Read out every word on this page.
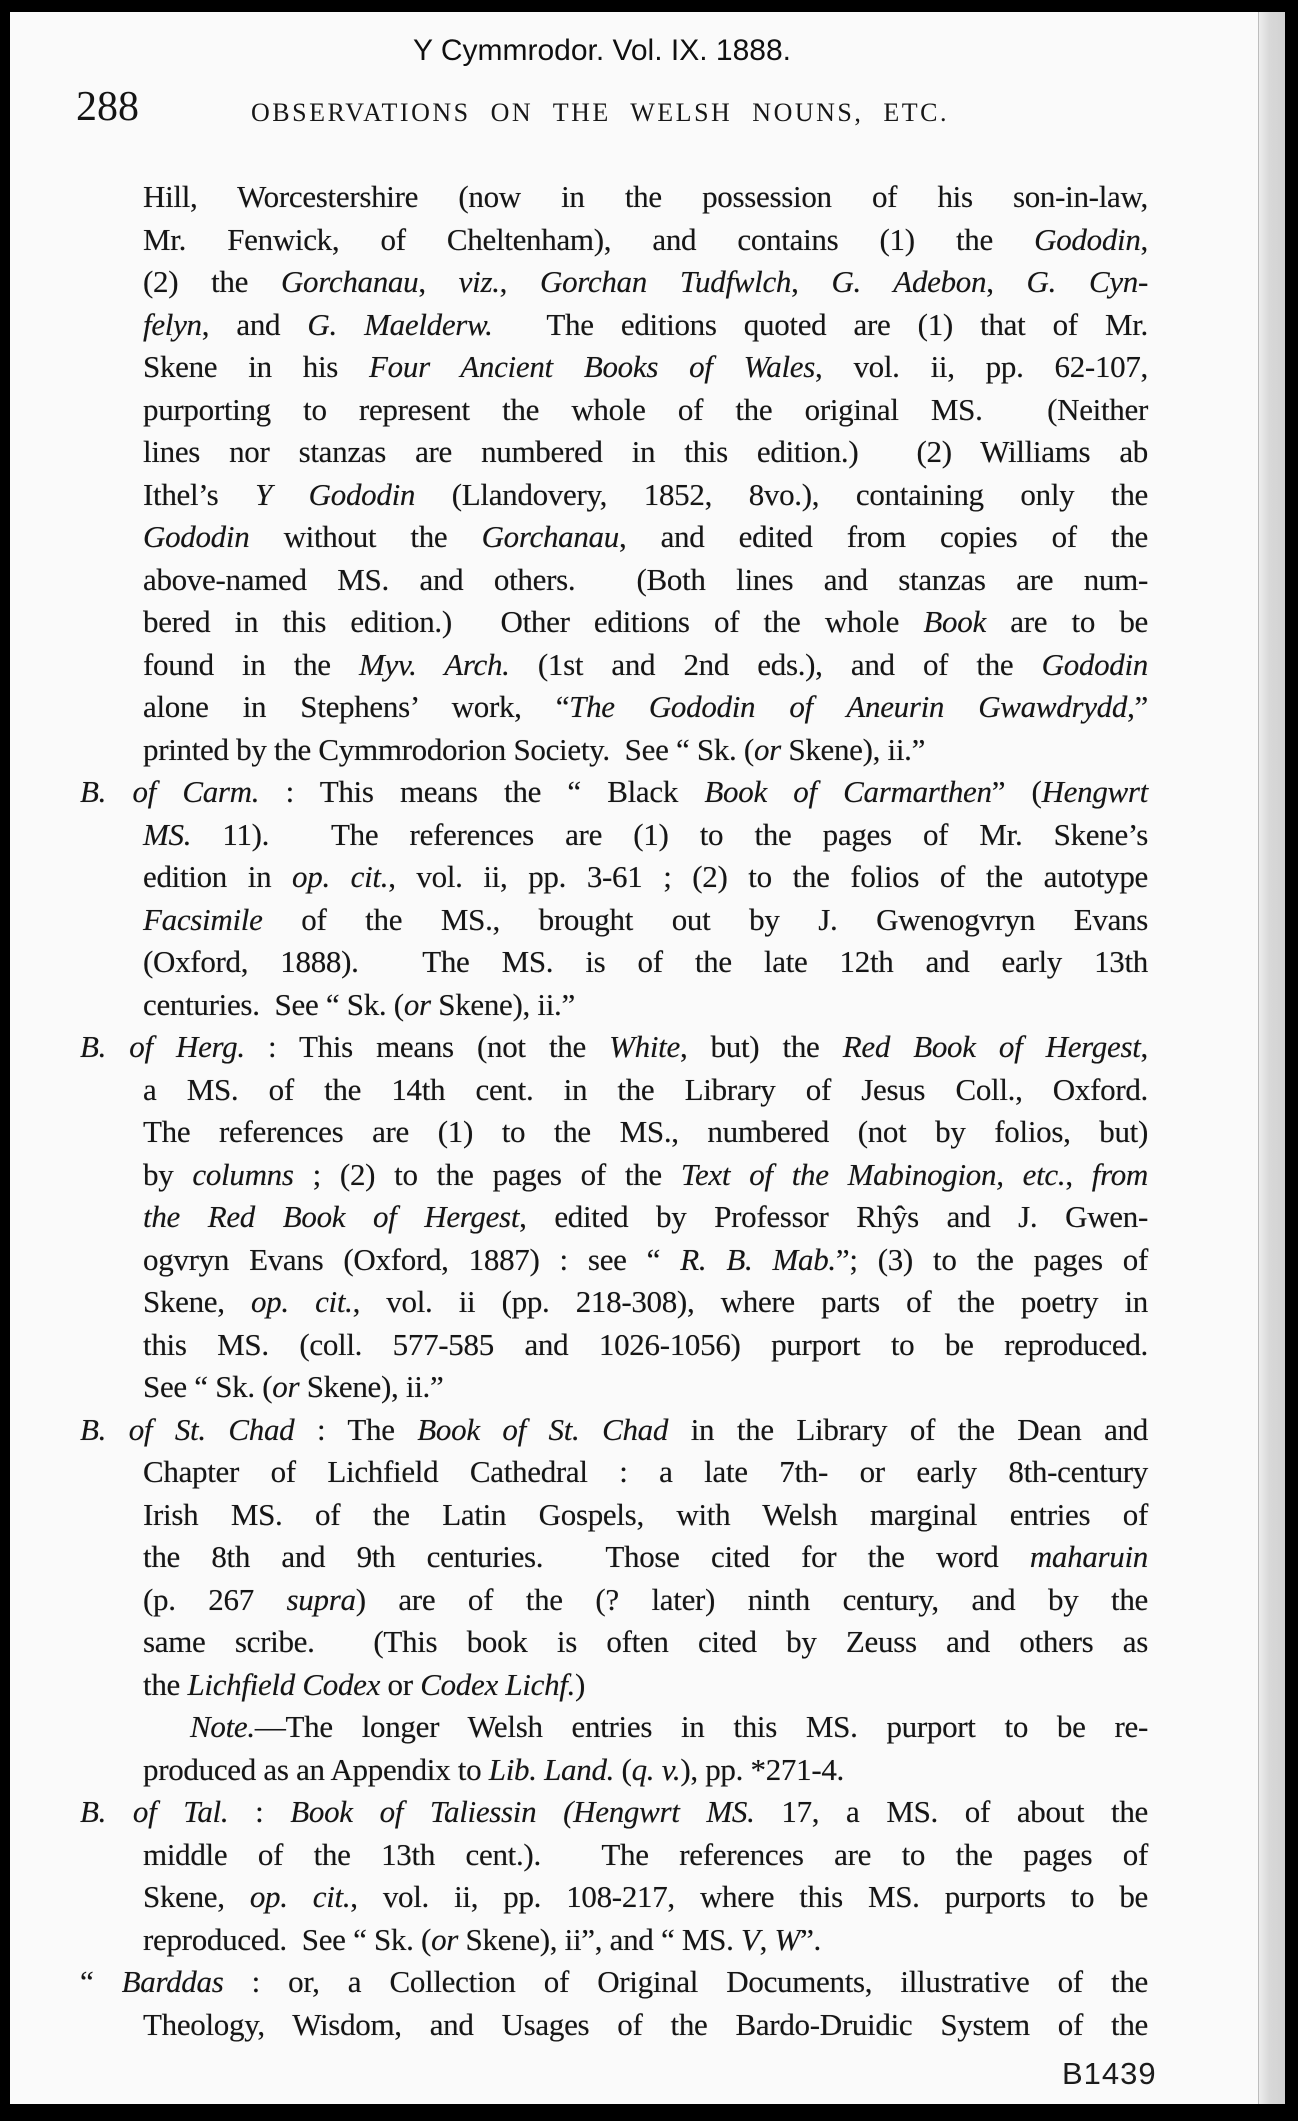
Y Cymmrodor. Vol. IX. 1888.
288	OBSERVATIONS ON THE WELSH NOUNS, ETC.
Hill, Worcestershire (now in the possession of his son-in-law,
Mr. Fenwick, of Cheltenham), and contains (1) the Gododin,
(2) the Gorchanau, viz., Gorchan Tudfwlch, G. Adebon, G. Cyn-
felyn, and G. Maelderw.  The editions quoted are (1) that of Mr.
Skene in his Four Ancient Books of Wales, vol. ii, pp. 62-107,
purporting to represent the whole of the original MS.  (Neither
lines nor stanzas are numbered in this edition.)  (2) Williams ab
Ithel’s Y Gododin (Llandovery, 1852, 8vo.), containing only the
Gododin without the Gorchanau, and edited from copies of the
above-named MS. and others.  (Both lines and stanzas are num-
bered in this edition.)  Other editions of the whole Book are to be
found in the Myv. Arch. (1st and 2nd eds.), and of the Gododin
alone in Stephens’ work, “The Gododin of Aneurin Gwawdrydd,”
printed by the Cymmrodorion Society.  See “ Sk. (or Skene), ii.”
B. of Carm. : This means the “ Black Book of Carmarthen” (Hengwrt
MS. 11).  The references are (1) to the pages of Mr. Skene’s
edition in op. cit., vol. ii, pp. 3-61 ; (2) to the folios of the autotype
Facsimile of the MS., brought out by J. Gwenogvryn Evans
(Oxford, 1888).  The MS. is of the late 12th and early 13th
centuries.  See “ Sk. (or Skene), ii.”
B. of Herg. : This means (not the White, but) the Red Book of Hergest,
a MS. of the 14th cent. in the Library of Jesus Coll., Oxford.
The references are (1) to the MS., numbered (not by folios, but)
by columns ; (2) to the pages of the Text of the Mabinogion, etc., from
the Red Book of Hergest, edited by Professor Rhŷs and J. Gwen-
ogvryn Evans (Oxford, 1887) : see “ R. B. Mab.”; (3) to the pages of
Skene, op. cit., vol. ii (pp. 218-308), where parts of the poetry in
this MS. (coll. 577-585 and 1026-1056) purport to be reproduced.
See “ Sk. (or Skene), ii.”
B. of St. Chad : The Book of St. Chad in the Library of the Dean and
Chapter of Lichfield Cathedral : a late 7th- or early 8th-century
Irish MS. of the Latin Gospels, with Welsh marginal entries of
the 8th and 9th centuries.  Those cited for the word maharuin
(p. 267 supra) are of the (? later) ninth century, and by the
same scribe.  (This book is often cited by Zeuss and others as
the Lichfield Codex or Codex Lichf.)
Note.—The longer Welsh entries in this MS. purport to be re-
produced as an Appendix to Lib. Land. (q. v.), pp. *271-4.
B. of Tal. : Book of Taliessin (Hengwrt MS. 17, a MS. of about the
middle of the 13th cent.).  The references are to the pages of
Skene, op. cit., vol. ii, pp. 108-217, where this MS. purports to be
reproduced.  See “ Sk. (or Skene), ii”, and “ MS. V, W”.
“ Barddas : or, a Collection of Original Documents, illustrative of the
Theology, Wisdom, and Usages of the Bardo-Druidic System of the
B1439
